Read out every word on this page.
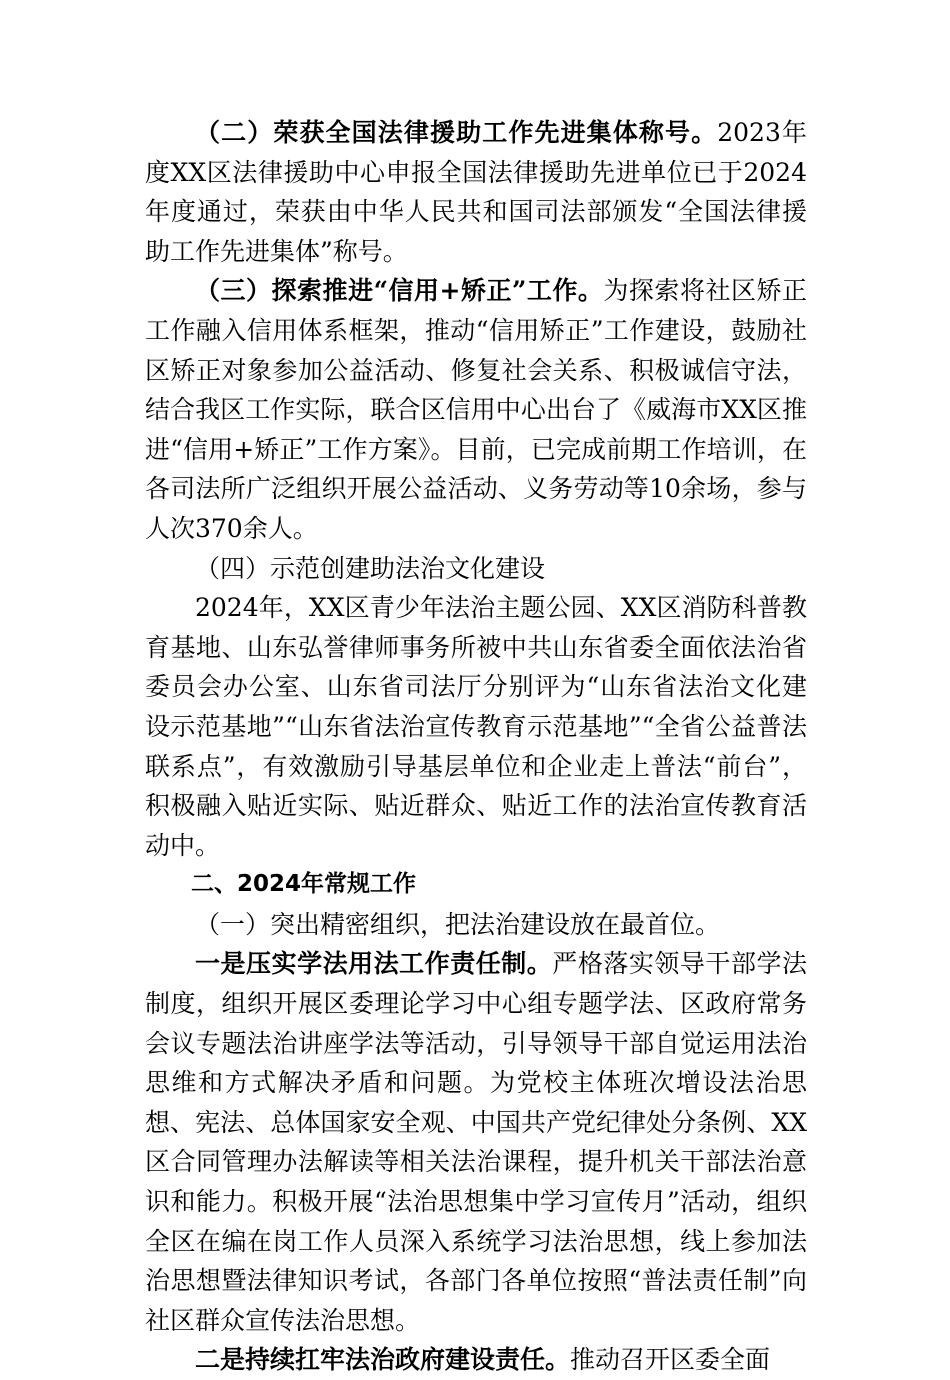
（二）荣获全国法律援助工作先进集体称号。2023年度XX区法律援助中心申报全国法律援助先进单位已于2024年度通过，荣获由中华人民共和国司法部颁发“全国法律援助工作先进集体”称号。

（三）探索推进“信用+矫正”工作。为探索将社区矫正工作融入信用体系框架，推动“信用矫正”工作建设，鼓励社区矫正对象参加公益活动、修复社会关系、积极诚信守法，结合我区工作实际，联合区信用中心出台了《威海市XX区推进“信用+矫正”工作方案》。目前，已完成前期工作培训，在各司法所广泛组织开展公益活动、义务劳动等10余场，参与人次370余人。

（四）示范创建助法治文化建设

2024年，XX区青少年法治主题公园、XX区消防科普教育基地、山东弘誉律师事务所被中共山东省委全面依法治省委员会办公室、山东省司法厅分别评为“山东省法治文化建设示范基地”“山东省法治宣传教育示范基地”“全省公益普法联系点”，有效激励引导基层单位和企业走上普法“前台”，积极融入贴近实际、贴近群众、贴近工作的法治宣传教育活动中。

二、2024年常规工作

（一）突出精密组织，把法治建设放在最首位。

一是压实学法用法工作责任制。严格落实领导干部学法制度，组织开展区委理论学习中心组专题学法、区政府常务会议专题法治讲座学法等活动，引导领导干部自觉运用法治思维和方式解决矛盾和问题。为党校主体班次增设法治思想、宪法、总体国家安全观、中国共产党纪律处分条例、XX区合同管理办法解读等相关法治课程，提升机关干部法治意识和能力。积极开展“法治思想集中学习宣传月”活动，组织全区在编在岗工作人员深入系统学习法治思想，线上参加法治思想暨法律知识考试，各部门各单位按照“普法责任制”向社区群众宣传法治思想。

二是持续扛牢法治政府建设责任。推动召开区委全面
